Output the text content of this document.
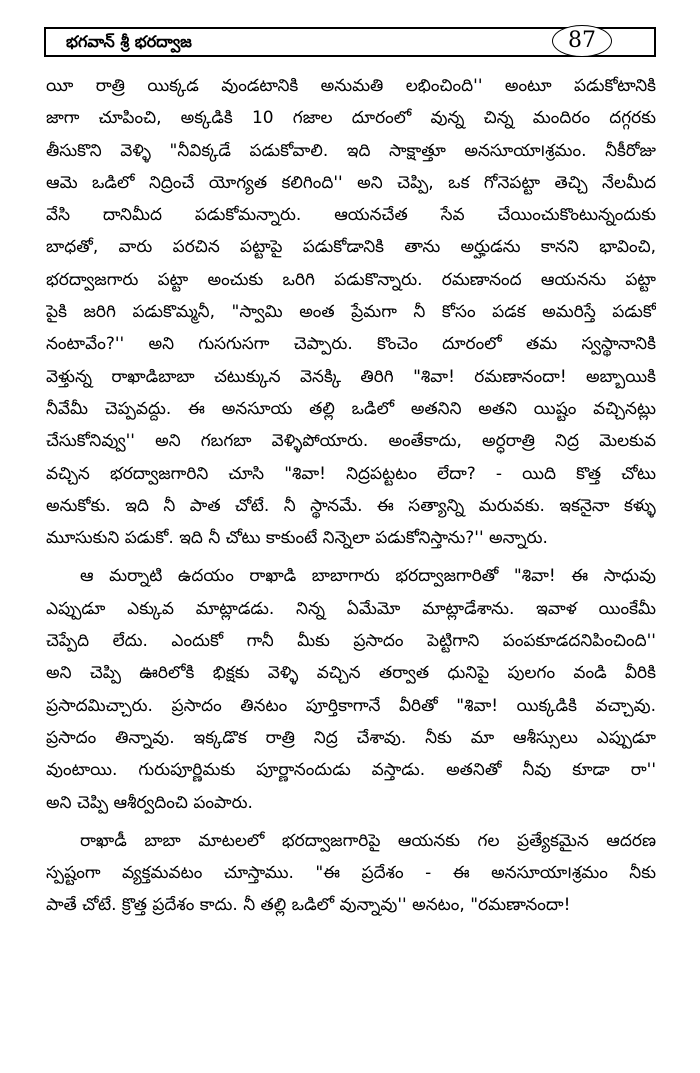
భగవాన్ శ్రీ భరద్వాజ	87

యీ రాత్రి యిక్కడ వుండటానికి అనుమతి లభించింది'' అంటూ పడుకోటానికి
జాగా చూపించి, అక్కడికి 10 గజాల దూరంలో వున్న చిన్న మందిరం దగ్గరకు
తీసుకొని వెళ్ళి "నీవిక్కడే పడుకోవాలి. ఇది సాక్షాత్తూ అనసూయా౹శ్రమం. నీకీరోజు
ఆమె ఒడిలో నిద్రించే యోగ్యత కలిగింది'' అని చెప్పి, ఒక గోనెపట్టా తెచ్చి నేలమీద
వేసి దానిమీద పడుకోమన్నారు. ఆయనచేత సేవ చేయించుకొంటున్నందుకు
బాధతో, వారు పరచిన పట్టాపై పడుకోడానికి తాను అర్హుడను కానని భావించి,
భరద్వాజగారు పట్టా అంచుకు ఒరిగి పడుకొన్నారు. రమణానంద ఆయనను పట్టా
పైకి జరిగి పడుకొమ్మనీ, "స్వామి అంత ప్రేమగా నీ కోసం పడక అమరిస్తే పడుకో
నంటావేం?'' అని గుసగుసగా చెప్పారు. కొంచెం దూరంలో తమ స్వస్థానానికి
వెళ్తున్న రాఖాడిబాబా చటుక్కున వెనక్కి తిరిగి "శివా! రమణానందా! అబ్బాయికి
నీవేమీ చెప్పవద్దు. ఈ అనసూయ తల్లి ఒడిలో అతనిని అతని యిష్టం వచ్చినట్లు
చేసుకోనివ్వు'' అని గబగబా వెళ్ళిపోయారు. అంతేకాదు, అర్ధరాత్రి నిద్ర మెలకువ
వచ్చిన భరద్వాజగారిని చూసి "శివా! నిద్రపట్టటం లేదా? - యిది కొత్త చోటు
అనుకోకు. ఇది నీ పాత చోటే. నీ స్థానమే. ఈ సత్యాన్ని మరువకు. ఇకనైనా కళ్ళు
మూసుకుని పడుకో. ఇది నీ చోటు కాకుంటే నిన్నెలా పడుకోనిస్తాను?'' అన్నారు.

ఆ మర్నాటి ఉదయం రాఖాడి బాబాగారు భరద్వాజగారితో "శివా! ఈ సాధువు
ఎప్పుడూ ఎక్కువ మాట్లాడడు. నిన్న ఏమేమో మాట్లాడేశాను. ఇవాళ యింకేమీ
చెప్పేది లేదు. ఎందుకో గానీ మీకు ప్రసాదం పెట్టిగాని పంపకూడదనిపించింది''
అని చెప్పి ఊరిలోకి భిక్షకు వెళ్ళి వచ్చిన తర్వాత ధునిపై పులగం వండి వీరికి
ప్రసాదమిచ్చారు. ప్రసాదం తినటం పూర్తికాగానే వీరితో "శివా! యిక్కడికి వచ్చావు.
ప్రసాదం తిన్నావు. ఇక్కడొక రాత్రి నిద్ర చేశావు. నీకు మా ఆశీస్సులు ఎప్పుడూ
వుంటాయి. గురుపూర్ణిమకు పూర్ణానందుడు వస్తాడు. అతనితో నీవు కూడా రా''
అని చెప్పి ఆశీర్వదించి పంపారు.

రాఖాడీ బాబా మాటలలో భరద్వాజగారిపై ఆయనకు గల ప్రత్యేకమైన ఆదరణ
స్పష్టంగా వ్యక్తమవటం చూస్తాము. "ఈ ప్రదేశం - ఈ అనసూయా౹శ్రమం నీకు
పాతే చోటే. క్రొత్త ప్రదేశం కాదు. నీ తల్లి ఒడిలో వున్నావు'' అనటం, "రమణానందా!
